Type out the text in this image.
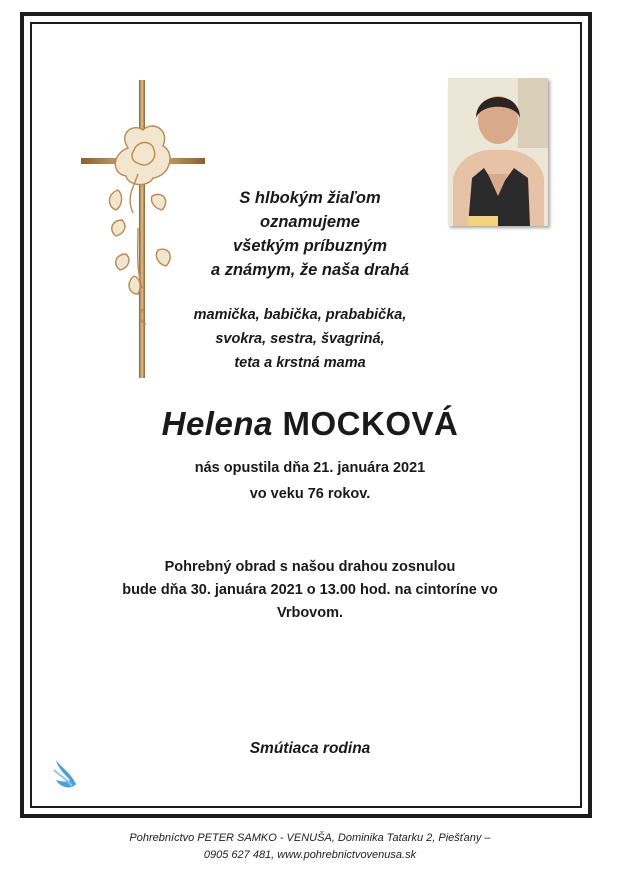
S hlbokým žiaľom
oznamujeme
všetkým príbuzným
a známym, že naša drahá
mamička, babička, prababička,
svokra, sestra, švagriná,
teta a krstná mama
Helena MOCKOVÁ
nás opustila dňa 21. januára 2021
vo veku 76 rokov.
Pohrebný obrad s našou drahou zosnulou
bude dňa 30. januára 2021 o 13.00 hod. na cintoríne vo
Vrbovom.
Smútiaca rodina
Pohrebníctvo PETER SAMKO - VENUŠA, Dominika Tatarku 2, Piešťany –
0905 627 481, www.pohrebnictvovenusa.sk
